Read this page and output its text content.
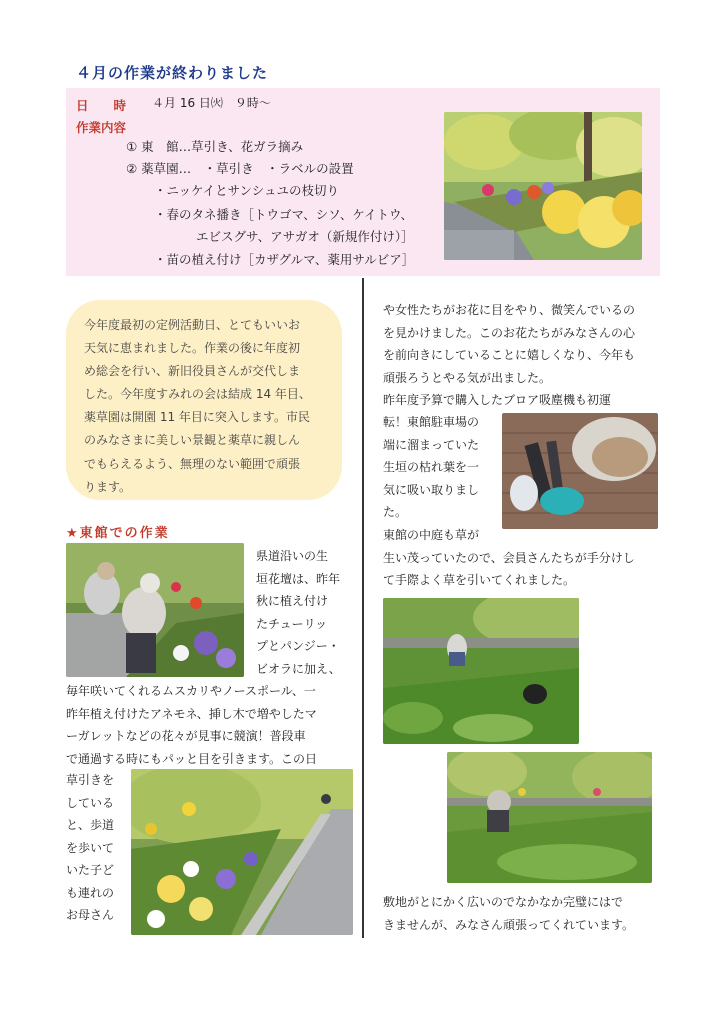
４月の作業が終わりました
日　　時 ４月 16 日㈫　９時～
作業内容
① 東　館…草引き、花ガラ摘み
② 薬草園…　・草引き　・ラベルの設置
・ニッケイとサンシュユの枝切り
・春のタネ播き［トウゴマ、シソ、ケイトウ、
エビスグサ、アサガオ（新規作付け）］
・苗の植え付け［カザグルマ、薬用サルビア］
今年度最初の定例活動日、とてもいいお
天気に恵まれました。作業の後に年度初
め総会を行い、新旧役員さんが交代しま
した。今年度すみれの会は結成 14 年目、
薬草園は開園 11 年目に突入します。市民
のみなさまに美しい景観と薬草に親しん
でもらえるよう、無理のない範囲で頑張
ります。
★東館での作業
県道沿いの生
垣花壇は、昨年
秋に植え付け
たチューリッ
プとパンジー・
ビオラに加え、
毎年咲いてくれるムスカリやノースポール、一
昨年植え付けたアネモネ、挿し木で増やしたマ
ーガレットなどの花々が見事に競演！普段車
で通過する時にもパッと目を引きます。この日
草引きを
している
と、歩道
を歩いて
いた子ど
も連れの
お母さん
や女性たちがお花に目をやり、微笑んでいるの
を見かけました。このお花たちがみなさんの心
を前向きにしていることに嬉しくなり、今年も
頑張ろうとやる気が出ました。
昨年度予算で購入したブロア吸塵機も初運
転！東館駐車場の
端に溜まっていた
生垣の枯れ葉を一
気に吸い取りまし
た。
東館の中庭も草が
生い茂っていたので、会員さんたちが手分けし
て手際よく草を引いてくれました。
敷地がとにかく広いのでなかなか完璧にはで
きませんが、みなさん頑張ってくれています。
